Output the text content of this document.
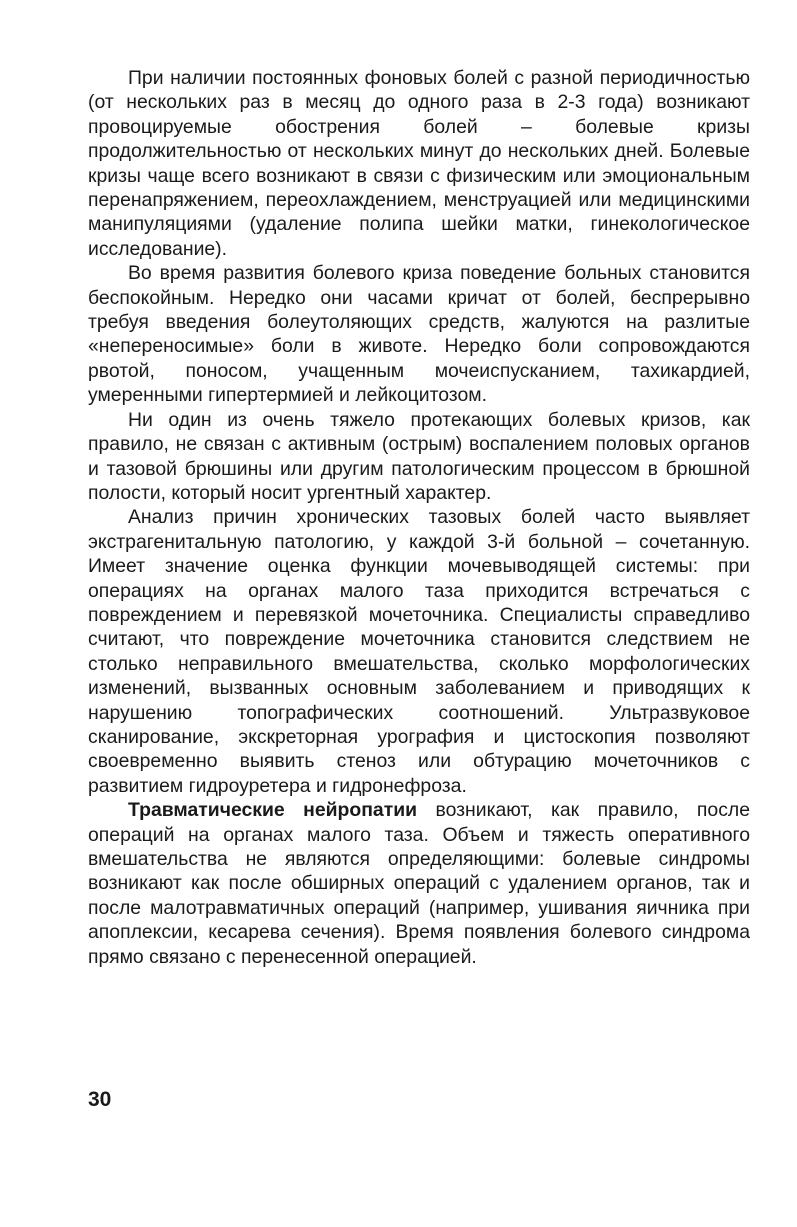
При наличии постоянных фоновых болей с разной периодичностью (от нескольких раз в месяц до одного раза в 2-3 года) возникают провоцируемые обострения болей – болевые кризы продолжительностью от нескольких минут до нескольких дней. Болевые кризы чаще всего возникают в связи с физическим или эмоциональным перенапряжением, переохлаждением, менструацией или медицинскими манипуляциями (удаление полипа шейки матки, гинекологическое исследование).

Во время развития болевого криза поведение больных становится беспокойным. Нередко они часами кричат от болей, беспрерывно требуя введения болеутоляющих средств, жалуются на разлитые «непереносимые» боли в животе. Нередко боли сопровождаются рвотой, поносом, учащенным мочеиспусканием, тахикардией, умеренными гипертермией и лейкоцитозом.

Ни один из очень тяжело протекающих болевых кризов, как правило, не связан с активным (острым) воспалением половых органов и тазовой брюшины или другим патологическим процессом в брюшной полости, который носит ургентный характер.

Анализ причин хронических тазовых болей часто выявляет экстрагенитальную патологию, у каждой 3-й больной – сочетанную. Имеет значение оценка функции мочевыводящей системы: при операциях на органах малого таза приходится встречаться с повреждением и перевязкой мочеточника. Специалисты справедливо считают, что повреждение мочеточника становится следствием не столько неправильного вмешательства, сколько морфологических изменений, вызванных основным заболеванием и приводящих к нарушению топографических соотношений. Ультразвуковое сканирование, экскреторная урография и цистоскопия позволяют своевременно выявить стеноз или обтурацию мочеточников с развитием гидроуретера и гидронефроза.

Травматические нейропатии возникают, как правило, после операций на органах малого таза. Объем и тяжесть оперативного вмешательства не являются определяющими: болевые синдромы возникают как после обширных операций с удалением органов, так и после малотравматичных операций (например, ушивания яичника при апоплексии, кесарева сечения). Время появления болевого синдрома прямо связано с перенесенной операцией.

30
